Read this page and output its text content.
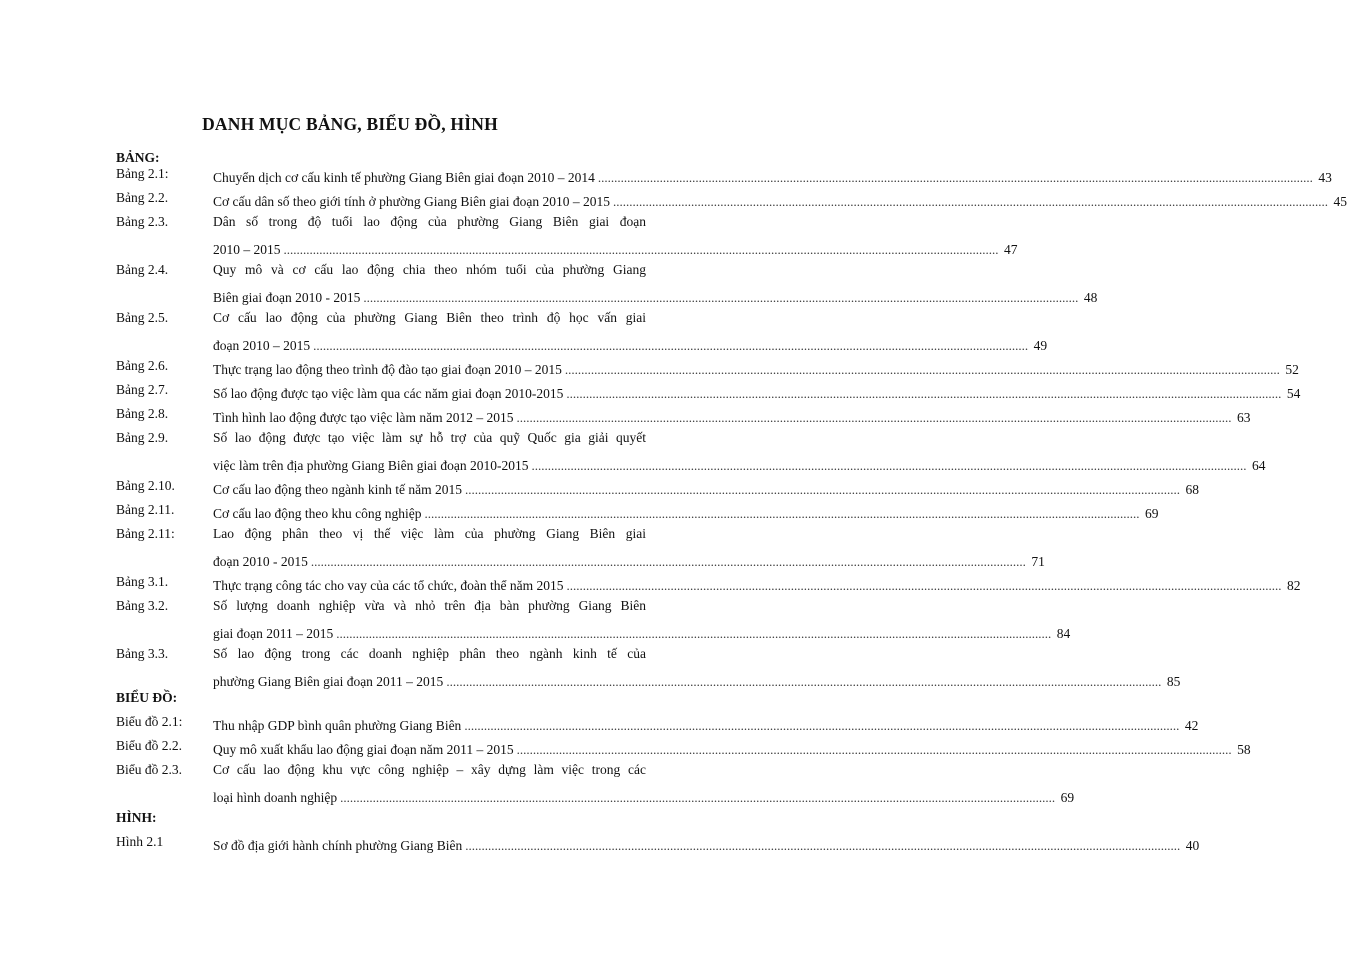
DANH MỤC BẢNG, BIỂU ĐỒ, HÌNH
BẢNG:
BIỂU ĐỒ:
HÌNH:
Bảng 2.1:	Chuyển dịch cơ cấu kinh tế phường Giang Biên giai đoạn 2010 – 2014 ............................................................................................................................................................................................................................ 43
Bảng 2.2.	Cơ cấu dân số theo giới tính ở phường Giang Biên giai đoạn 2010 – 2015 ............................................................................................................................................................................................................................ 45
Bảng 2.3.	Dân số trong độ tuổi lao động của phường Giang Biên giai đoạn
2010 – 2015 ............................................................................................................................................................................................................................ 47
Bảng 2.4.	Quy mô và cơ cấu lao động chia theo nhóm tuổi của phường Giang
Biên giai đoạn 2010 - 2015 ............................................................................................................................................................................................................................ 48
Bảng 2.5.	Cơ cấu lao động của phường Giang Biên theo trình độ học vấn giai
đoạn 2010 – 2015 ............................................................................................................................................................................................................................ 49
Bảng 2.6.	Thực trạng lao động theo trình độ đào tạo giai đoạn 2010 – 2015 ............................................................................................................................................................................................................................ 52
Bảng 2.7.	Số lao động được tạo việc làm qua các năm giai đoạn 2010-2015 ............................................................................................................................................................................................................................ 54
Bảng 2.8.	Tình hình lao động được tạo việc làm năm 2012 – 2015 ............................................................................................................................................................................................................................ 63
Bảng 2.9.	Số lao động được tạo việc làm sự hỗ trợ của quỹ Quốc gia giải quyết
việc làm trên địa phường Giang Biên giai đoạn 2010-2015 ............................................................................................................................................................................................................................ 64
Bảng 2.10.	Cơ cấu lao động theo ngành kinh tế năm 2015 ............................................................................................................................................................................................................................ 68
Bảng 2.11.	Cơ cấu lao động theo khu công nghiệp ............................................................................................................................................................................................................................ 69
Bảng 2.11:	Lao động phân theo vị thế việc làm của phường Giang Biên giai
đoạn 2010 - 2015 ............................................................................................................................................................................................................................ 71
Bảng 3.1.	Thực trạng công tác cho vay của các tổ chức, đoàn thể năm 2015 ............................................................................................................................................................................................................................ 82
Bảng 3.2.	Số lượng doanh nghiệp vừa và nhỏ trên địa bàn phường Giang Biên
giai đoạn 2011 – 2015 ............................................................................................................................................................................................................................ 84
Bảng 3.3.	Số lao động trong các doanh nghiệp phân theo ngành kinh tế của
phường Giang Biên giai đoạn 2011 – 2015 ............................................................................................................................................................................................................................ 85
Biểu đồ 2.1: Thu nhập GDP bình quân phường Giang Biên ............................................................................................................................................................................................................................ 42
Biểu đồ 2.2. Quy mô xuất khẩu lao động giai đoạn năm 2011 – 2015 ............................................................................................................................................................................................................................ 58
Biểu đồ 2.3. Cơ cấu lao động khu vực công nghiệp – xây dựng làm việc trong các
loại hình doanh nghiệp ............................................................................................................................................................................................................................ 69
Hình 2.1	Sơ đồ địa giới hành chính phường Giang Biên ............................................................................................................................................................................................................................ 40
